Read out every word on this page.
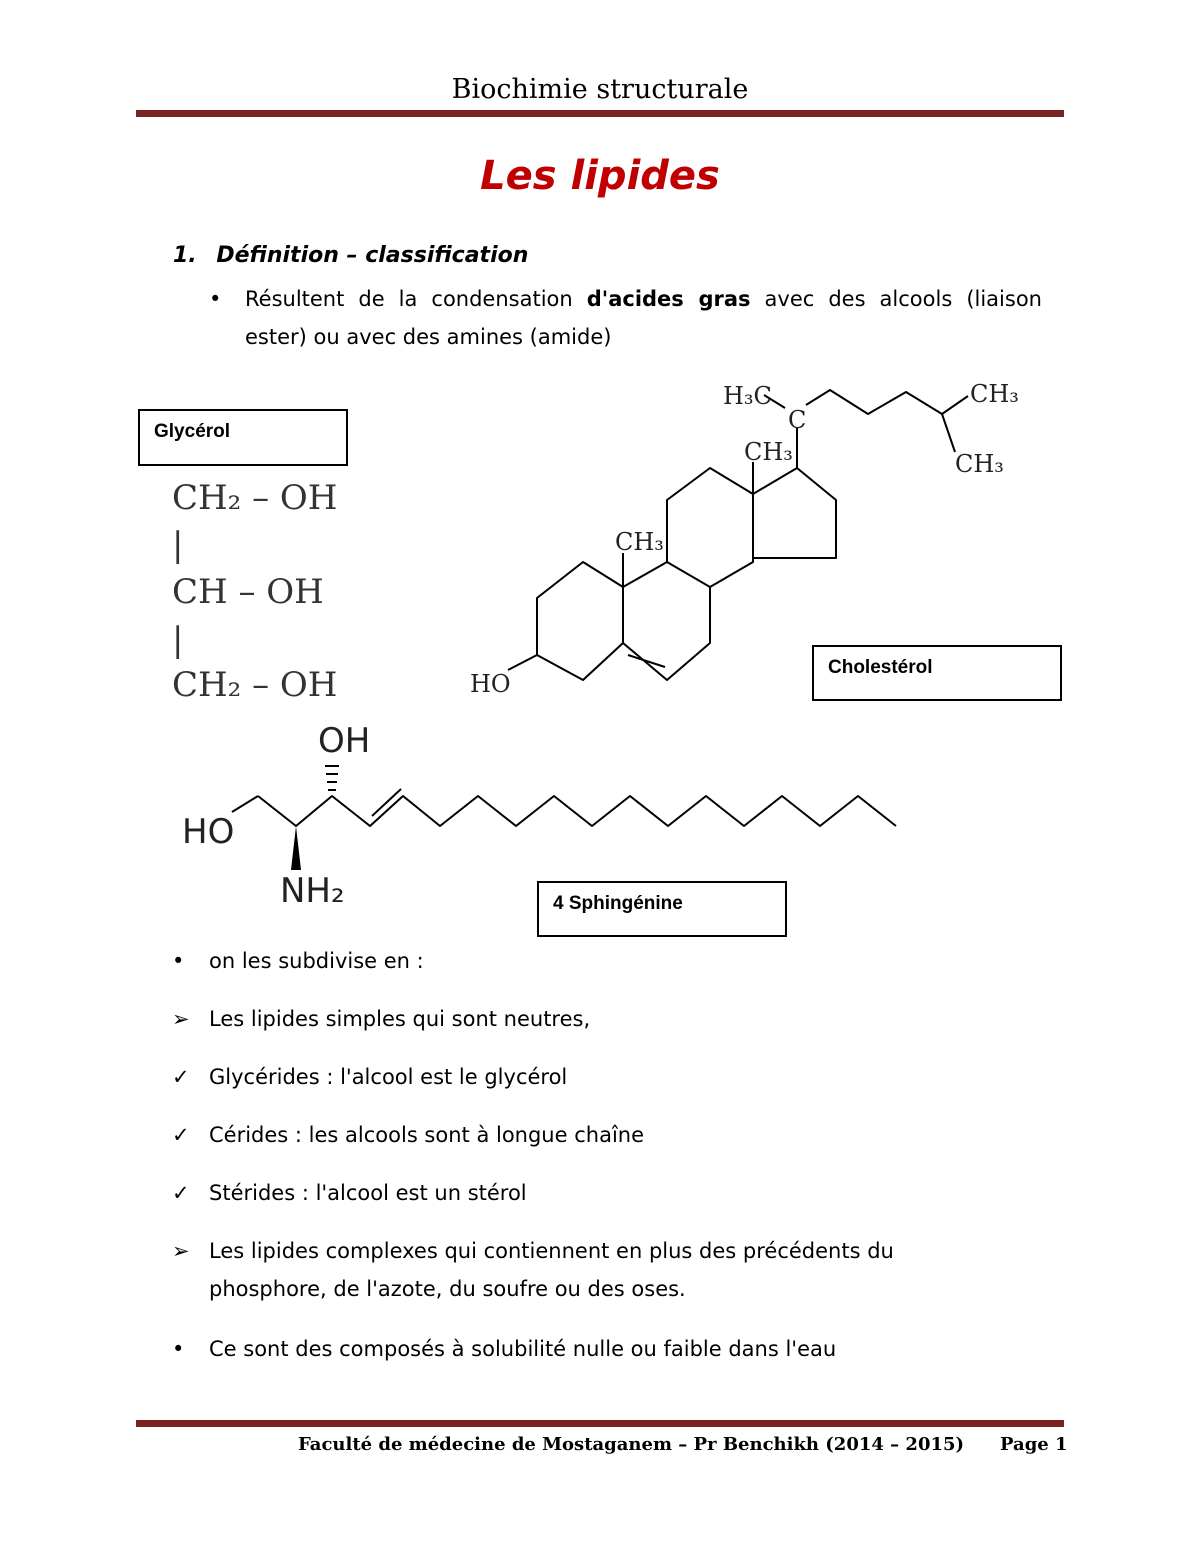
Biochimie structurale
Les lipides
1. Définition – classification
• Résultent de la condensation d'acides gras avec des alcools (liaison ester) ou avec des amines (amide)
Glycérol
CH₂ – OH
|
CH – OH
|
CH₂ – OH
H₃C
C
CH₃
CH₃
CH₃
CH₃
HO
OH
HO
NH₂
Cholestérol
4 Sphingénine
•	on les subdivise en :
➢ Les lipides simples qui sont neutres,
✓ Glycérides : l'alcool est le glycérol
✓ Cérides : les alcools sont à longue chaîne
✓ Stérides : l'alcool est un stérol
➢ Les lipides complexes qui contiennent en plus des précédents du phosphore, de l'azote, du soufre ou des oses.
•	Ce sont des composés à solubilité nulle ou faible dans l'eau
Faculté de médecine de Mostaganem – Pr Benchikh (2014 – 2015) Page 1
